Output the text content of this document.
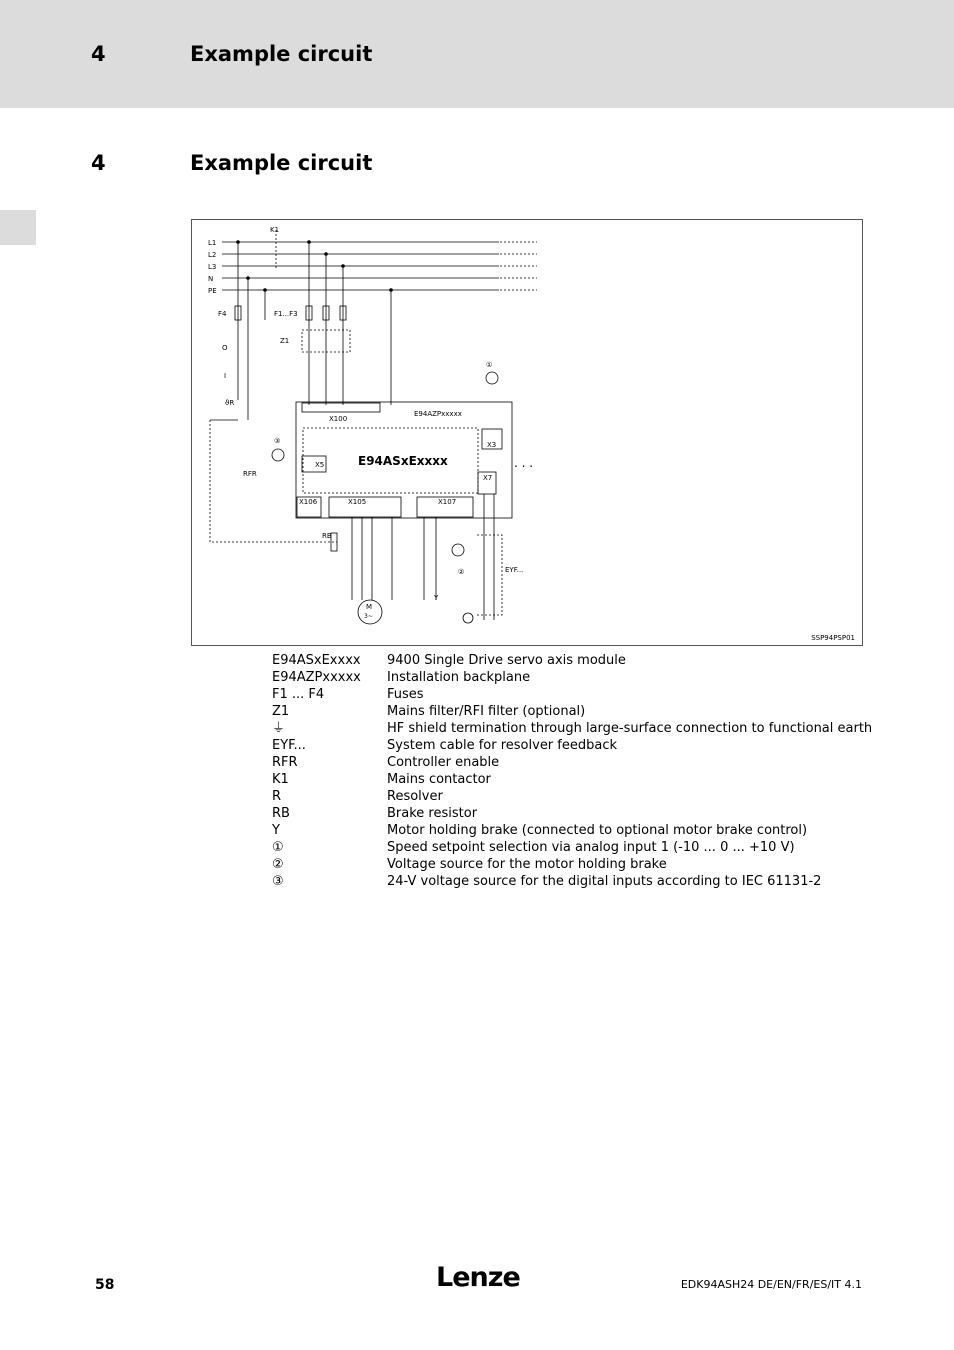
4	Example circuit
4	Example circuit
L1
L2
L3
N
PE
K1
F4	F1...F3
Z1
O
I
ϑR
RFR
①
③
②
X100
E94AZPxxxxx
X3
X5
X7
X106	X105	X107
RB
EYF...
Y
M
3~
. . .
E94ASxExxxx
SSP94PSP01
E94ASxExxxx	9400 Single Drive servo axis module
E94AZPxxxxx	Installation backplane
F1 ... F4	Fuses
Z1	Mains filter/RFI filter (optional)
⏚	HF shield termination through large-surface connection to functional earth
EYF...	System cable for resolver feedback
RFR	Controller enable
K1	Mains contactor
R	Resolver
RB	Brake resistor
Y	Motor holding brake (connected to optional motor brake control)
①	Speed setpoint selection via analog input 1 (-10 ... 0 ... +10 V)
②	Voltage source for the motor holding brake
③	24-V voltage source for the digital inputs according to IEC 61131-2
58	Lenze	EDK94ASH24 DE/EN/FR/ES/IT 4.1
